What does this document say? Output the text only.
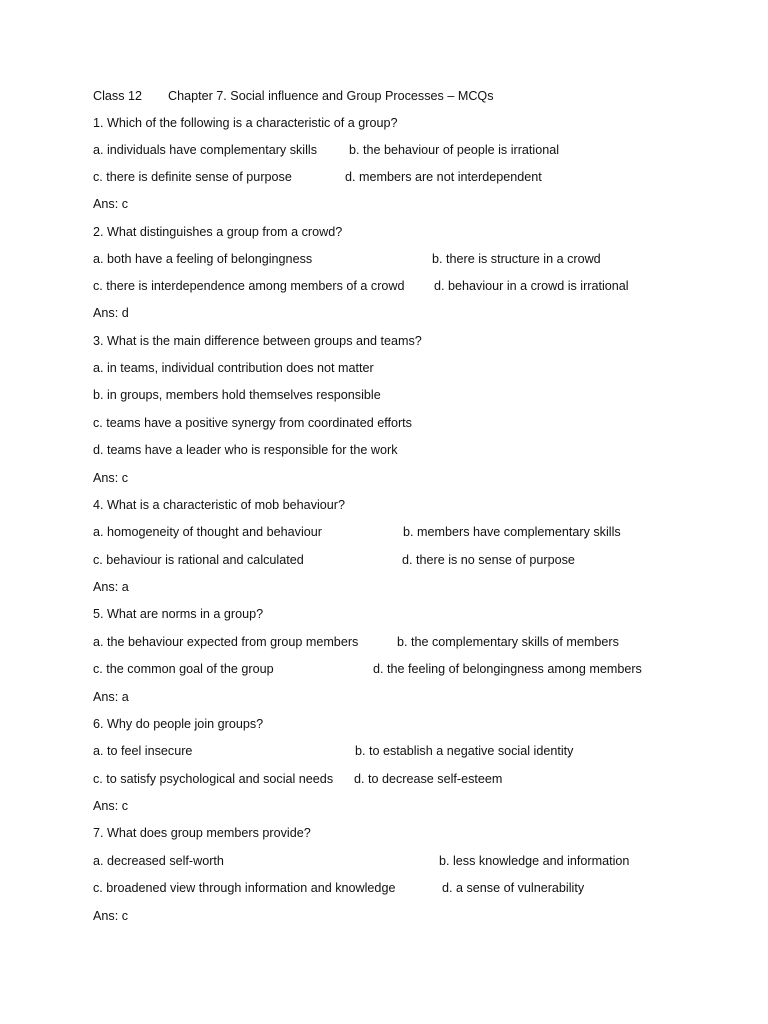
Class 12 Chapter 7. Social influence and Group Processes – MCQs
1. Which of the following is a characteristic of a group?
a. individuals have complementary skills	b. the behaviour of people is irrational
c. there is definite sense of purpose	d. members are not interdependent
Ans: c
2. What distinguishes a group from a crowd?
a. both have a feeling of belongingness	b. there is structure in a crowd
c. there is interdependence among members of a crowd d. behaviour in a crowd is irrational
Ans: d
3. What is the main difference between groups and teams?
a. in teams, individual contribution does not matter
b. in groups, members hold themselves responsible
c. teams have a positive synergy from coordinated efforts
d. teams have a leader who is responsible for the work
Ans: c
4. What is a characteristic of mob behaviour?
a. homogeneity of thought and behaviour	b. members have complementary skills
c. behaviour is rational and calculated	d. there is no sense of purpose
Ans: a
5. What are norms in a group?
a. the behaviour expected from group members	b. the complementary skills of members
c. the common goal of the group	d. the feeling of belongingness among members
Ans: a
6. Why do people join groups?
a. to feel insecure	b. to establish a negative social identity
c. to satisfy psychological and social needs d. to decrease self-esteem
Ans: c
7. What does group members provide?
a. decreased self-worth	b. less knowledge and information
c. broadened view through information and knowledge	d. a sense of vulnerability
Ans: c
